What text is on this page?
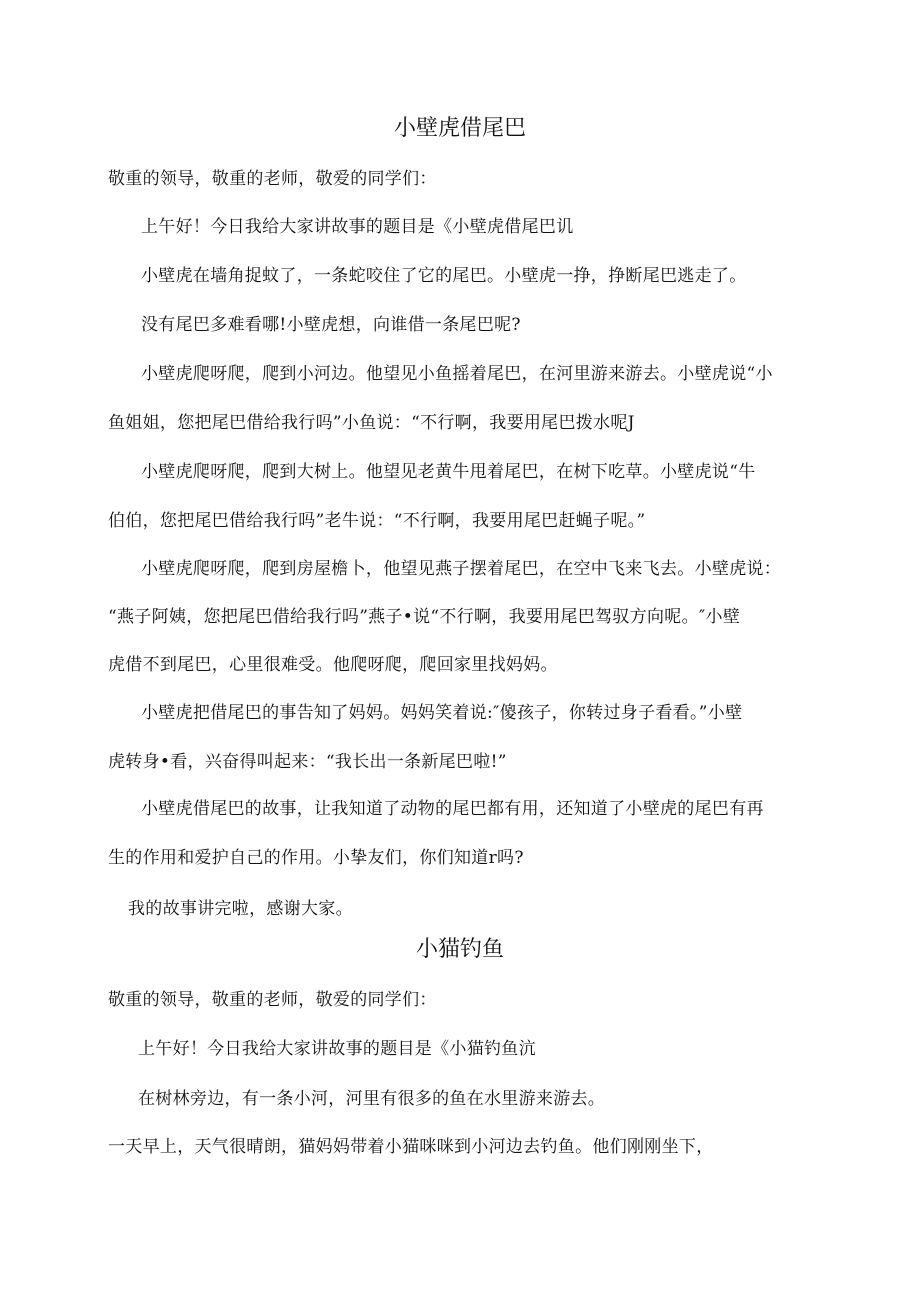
小壁虎借尾巴
敬重的领导，敬重的老师，敬爱的同学们：
上午好！今日我给大家讲故事的题目是《小壁虎借尾巴讥
小壁虎在墙角捉蚊了，一条蛇咬住了它的尾巴。小壁虎一挣，挣断尾巴逃走了。
没有尾巴多难看哪!小壁虎想，向谁借一条尾巴呢?
小壁虎爬呀爬，爬到小河边。他望见小鱼摇着尾巴，在河里游来游去。小壁虎说“小
鱼姐姐，您把尾巴借给我行吗”小鱼说：“不行啊，我要用尾巴拨水呢J
小壁虎爬呀爬，爬到大树上。他望见老黄牛甩着尾巴，在树下吃草。小壁虎说“牛
伯伯，您把尾巴借给我行吗”老牛说：“不行啊，我要用尾巴赶蝇子呢。”
小壁虎爬呀爬，爬到房屋檐卜，他望见燕子摆着尾巴，在空中飞来飞去。小壁虎说：
“燕子阿姨，您把尾巴借给我行吗”燕子•说“不行啊，我要用尾巴驾驭方向呢。″小壁
虎借不到尾巴，心里很难受。他爬呀爬，爬回家里找妈妈。
小壁虎把借尾巴的事告知了妈妈。妈妈笑着说:″傻孩子，你转过身子看看。”小壁
虎转身•看，兴奋得叫起来：“我长出一条新尾巴啦!”
小壁虎借尾巴的故事，让我知道了动物的尾巴都有用，还知道了小壁虎的尾巴有再
生的作用和爱护自己的作用。小挚友们，你们知道r吗?
我的故事讲完啦，感谢大家。
小猫钓鱼
敬重的领导，敬重的老师，敬爱的同学们：
上午好！今日我给大家讲故事的题目是《小猫钓鱼沆
在树林旁边，有一条小河，河里有很多的鱼在水里游来游去。
一天早上，天气很晴朗，猫妈妈带着小猫咪咪到小河边去钓鱼。他们刚刚坐下，
